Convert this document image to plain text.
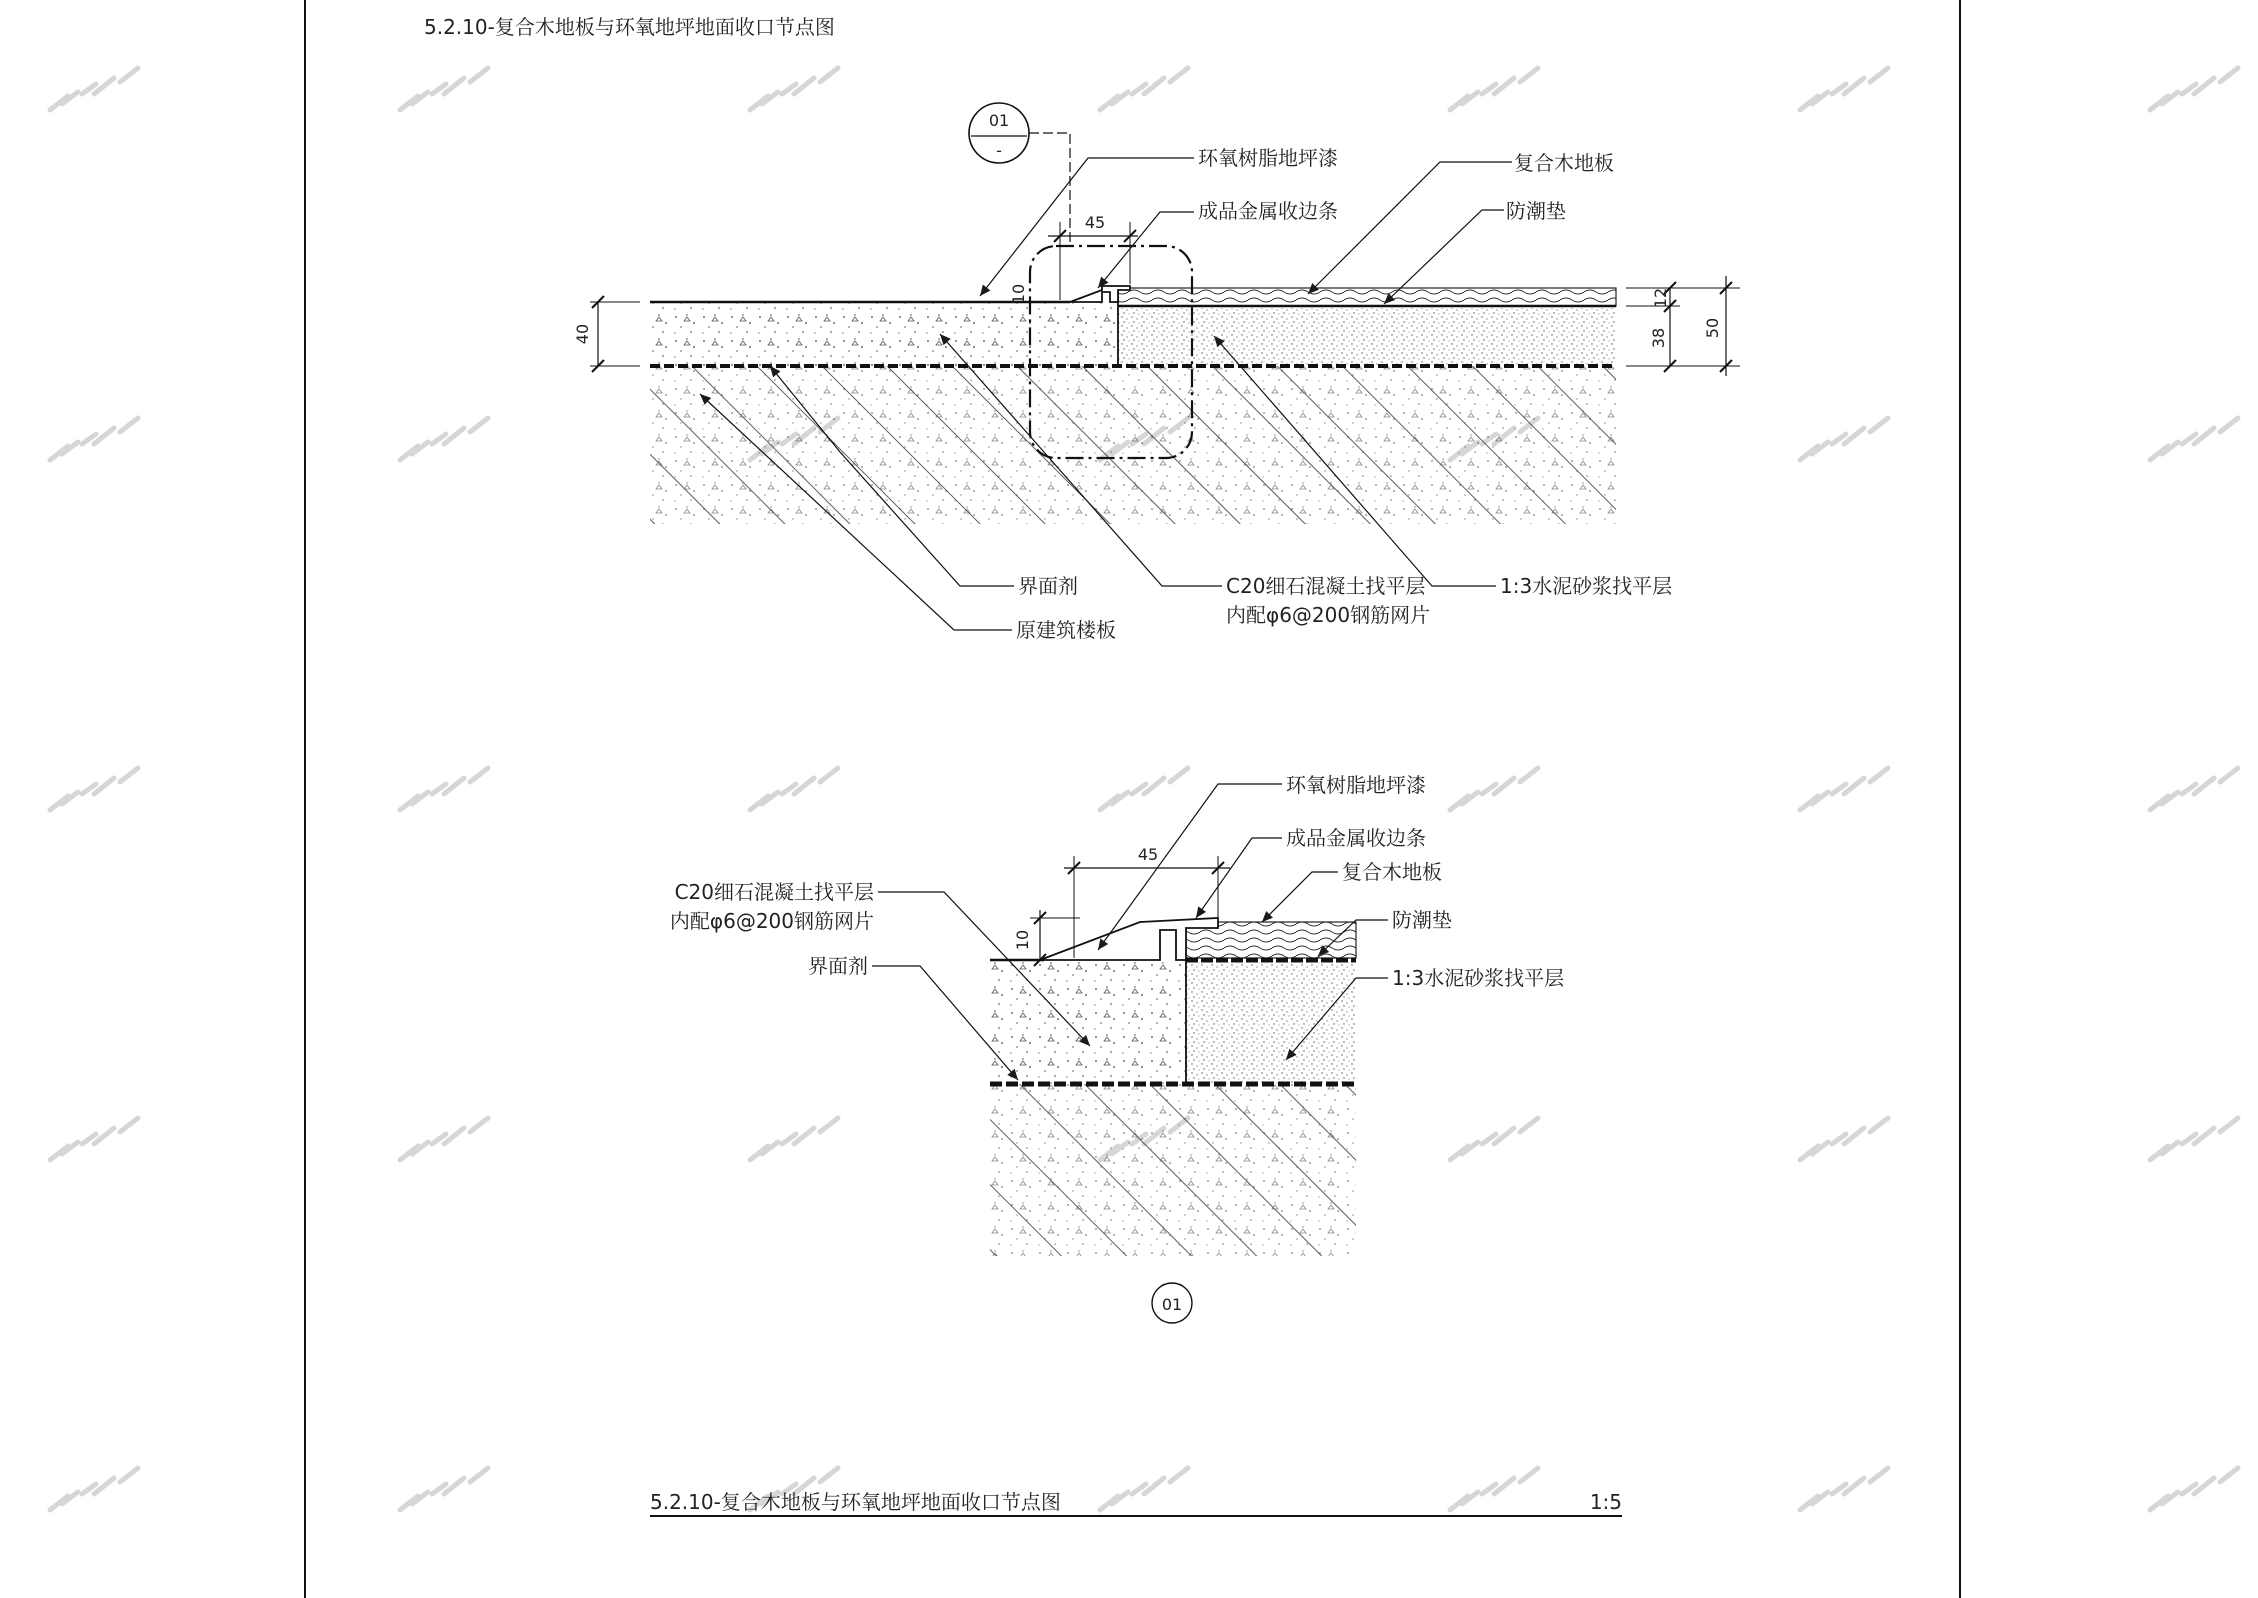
5.2.10-复合木地板与环氧地坪地面收口节点图
01
-
45
10
40
12
38 50
环氧树脂地坪漆
成品金属收边条
复合木地板
防潮垫
界面剂
原建筑楼板
C20细石混凝土找平层
内配φ6@200钢筋网片
1:3水泥砂浆找平层
45
10
环氧树脂地坪漆
成品金属收边条
复合木地板
防潮垫
1:3水泥砂浆找平层
C20细石混凝土找平层
内配φ6@200钢筋网片
界面剂
01
5.2.10-复合木地板与环氧地坪地面收口节点图	1:5
